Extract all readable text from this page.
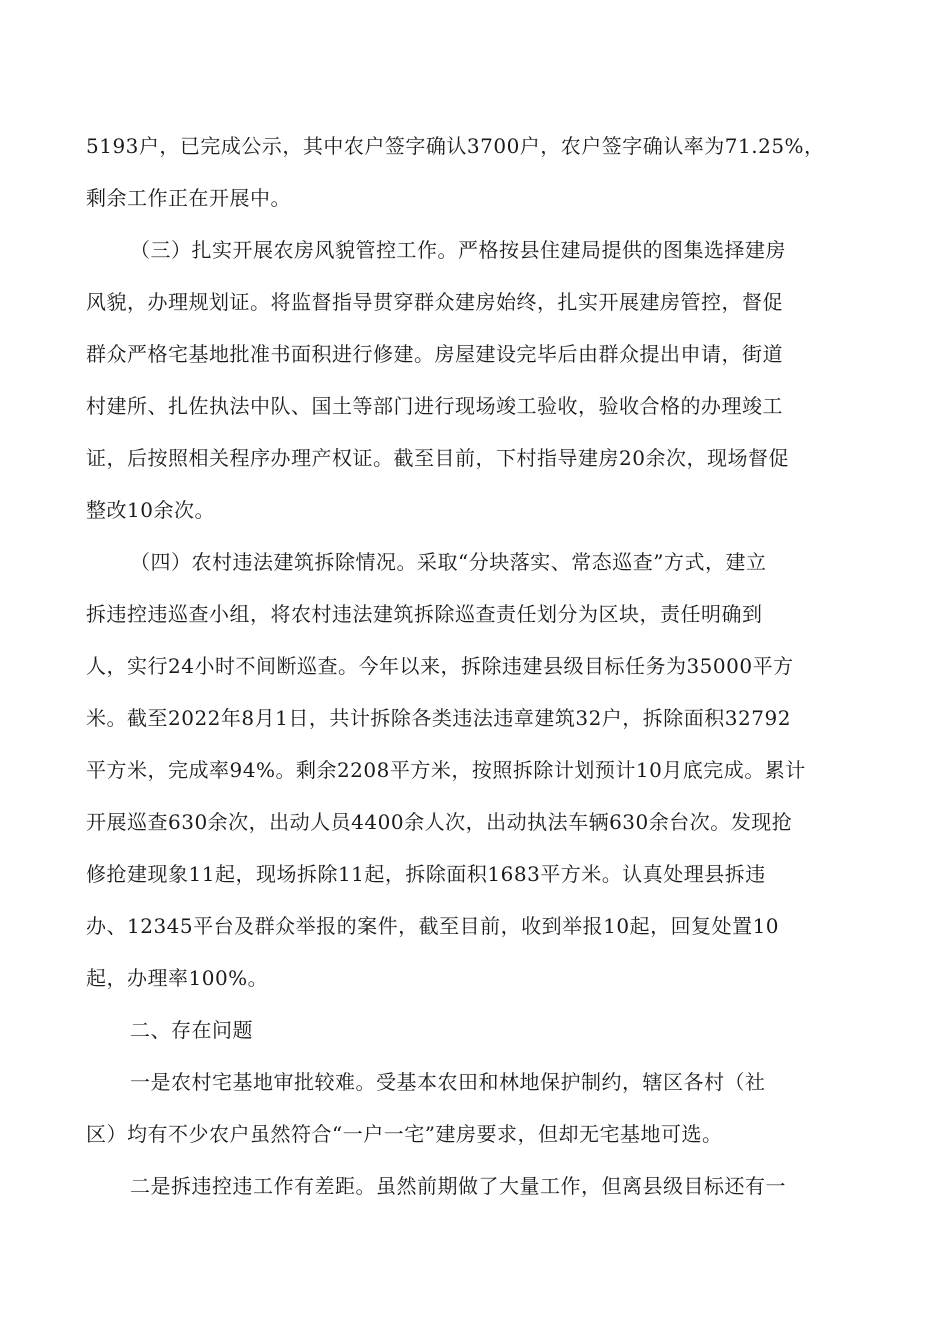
5193户，已完成公示，其中农户签字确认3700户，农户签字确认率为71.25%，
剩余工作正在开展中。
（三）扎实开展农房风貌管控工作。严格按县住建局提供的图集选择建房
风貌，办理规划证。将监督指导贯穿群众建房始终，扎实开展建房管控，督促
群众严格宅基地批准书面积进行修建。房屋建设完毕后由群众提出申请，街道
村建所、扎佐执法中队、国土等部门进行现场竣工验收，验收合格的办理竣工
证，后按照相关程序办理产权证。截至目前，下村指导建房20余次，现场督促
整改10余次。
（四）农村违法建筑拆除情况。采取“分块落实、常态巡查”方式，建立
拆违控违巡查小组，将农村违法建筑拆除巡查责任划分为区块，责任明确到
人，实行24小时不间断巡查。今年以来，拆除违建县级目标任务为35000平方
米。截至2022年8月1日，共计拆除各类违法违章建筑32户，拆除面积32792
平方米，完成率94%。剩余2208平方米，按照拆除计划预计10月底完成。累计
开展巡查630余次，出动人员4400余人次，出动执法车辆630余台次。发现抢
修抢建现象11起，现场拆除11起，拆除面积1683平方米。认真处理县拆违
办、12345平台及群众举报的案件，截至目前，收到举报10起，回复处置10
起，办理率100%。
二、存在问题
一是农村宅基地审批较难。受基本农田和林地保护制约，辖区各村（社
区）均有不少农户虽然符合“一户一宅”建房要求，但却无宅基地可选。
二是拆违控违工作有差距。虽然前期做了大量工作，但离县级目标还有一
